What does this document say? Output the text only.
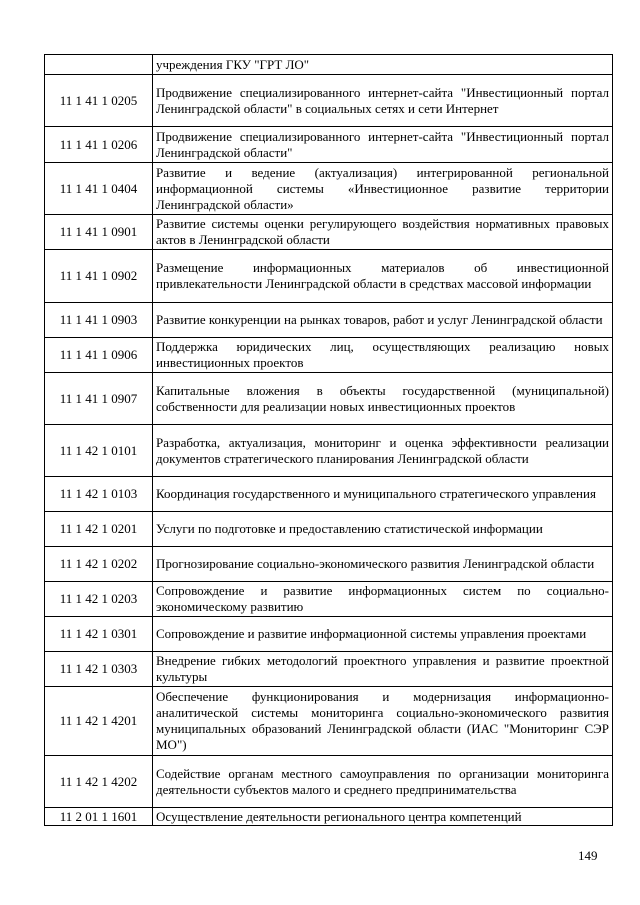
	учреждения ГКУ "ГРТ ЛО"
11 1 41 1 0205	Продвижение специализированного интернет-сайта "Инвестиционный портал Ленинградской области" в социальных сетях и сети Интернет
11 1 41 1 0206	Продвижение специализированного интернет-сайта "Инвестиционный портал Ленинградской области"
11 1 41 1 0404	Развитие и ведение (актуализация) интегрированной региональной информационной системы «Инвестиционное развитие территории Ленинградской области»
11 1 41 1 0901	Развитие системы оценки регулирующего воздействия нормативных правовых актов в Ленинградской области
11 1 41 1 0902	Размещение информационных материалов об инвестиционной привлекательности Ленинградской области в средствах массовой информации
11 1 41 1 0903	Развитие конкуренции на рынках товаров, работ и услуг Ленинградской области
11 1 41 1 0906	Поддержка юридических лиц, осуществляющих реализацию новых инвестиционных проектов
11 1 41 1 0907	Капитальные вложения в объекты государственной (муниципальной) собственности для реализации новых инвестиционных проектов
11 1 42 1 0101	Разработка, актуализация, мониторинг и оценка эффективности реализации документов стратегического планирования Ленинградской области
11 1 42 1 0103	Координация государственного и муниципального стратегического управления
11 1 42 1 0201	Услуги по подготовке и предоставлению статистической информации
11 1 42 1 0202	Прогнозирование социально-экономического развития Ленинградской области
11 1 42 1 0203	Сопровождение и развитие информационных систем по социально-экономическому развитию
11 1 42 1 0301	Сопровождение и развитие информационной системы управления проектами
11 1 42 1 0303	Внедрение гибких методологий проектного управления и развитие проектной культуры
11 1 42 1 4201	Обеспечение функционирования и модернизация информационно-аналитической системы мониторинга социально-экономического развития муниципальных образований Ленинградской области (ИАС "Мониторинг СЭР МО")
11 1 42 1 4202	Содействие органам местного самоуправления по организации мониторинга деятельности субъектов малого и среднего предпринимательства
11 2 01 1 1601	Осуществление деятельности регионального центра компетенций
149
